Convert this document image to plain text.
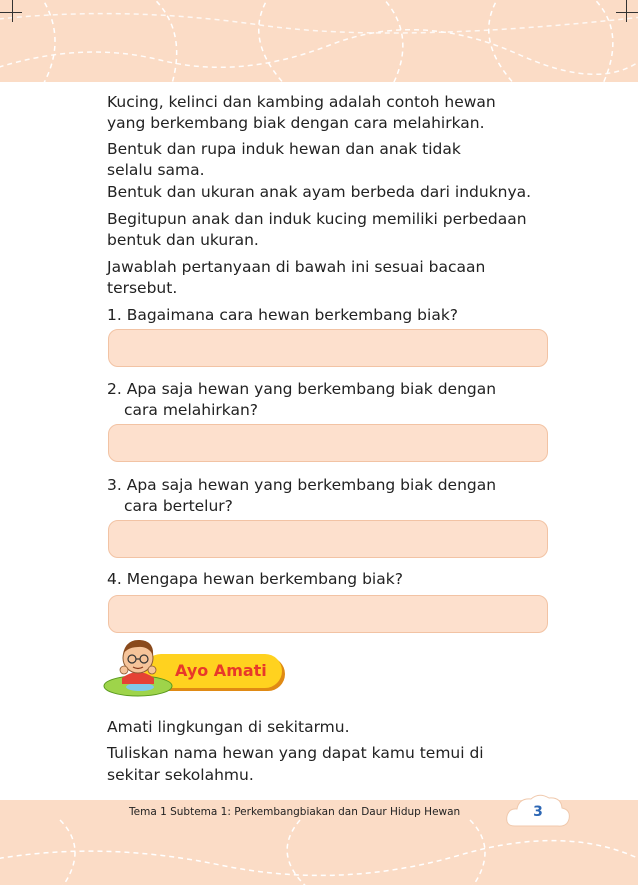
Kucing, kelinci dan kambing adalah contoh hewan
yang berkembang biak dengan cara melahirkan.
Bentuk dan rupa induk hewan dan anak tidak
selalu sama.
Bentuk dan ukuran anak ayam berbeda dari induknya.
Begitupun anak dan induk kucing memiliki perbedaan
bentuk dan ukuran.
Jawablah pertanyaan di bawah ini sesuai bacaan
tersebut.
1. Bagaimana cara hewan berkembang biak?
2. Apa saja hewan yang berkembang biak dengan
cara melahirkan?
3. Apa saja hewan yang berkembang biak dengan
cara bertelur?
4. Mengapa hewan berkembang biak?
Ayo Amati
Amati lingkungan di sekitarmu.
Tuliskan nama hewan yang dapat kamu temui di
sekitar sekolahmu.
Tema 1 Subtema 1: Perkembangbiakan dan Daur Hidup Hewan	3
